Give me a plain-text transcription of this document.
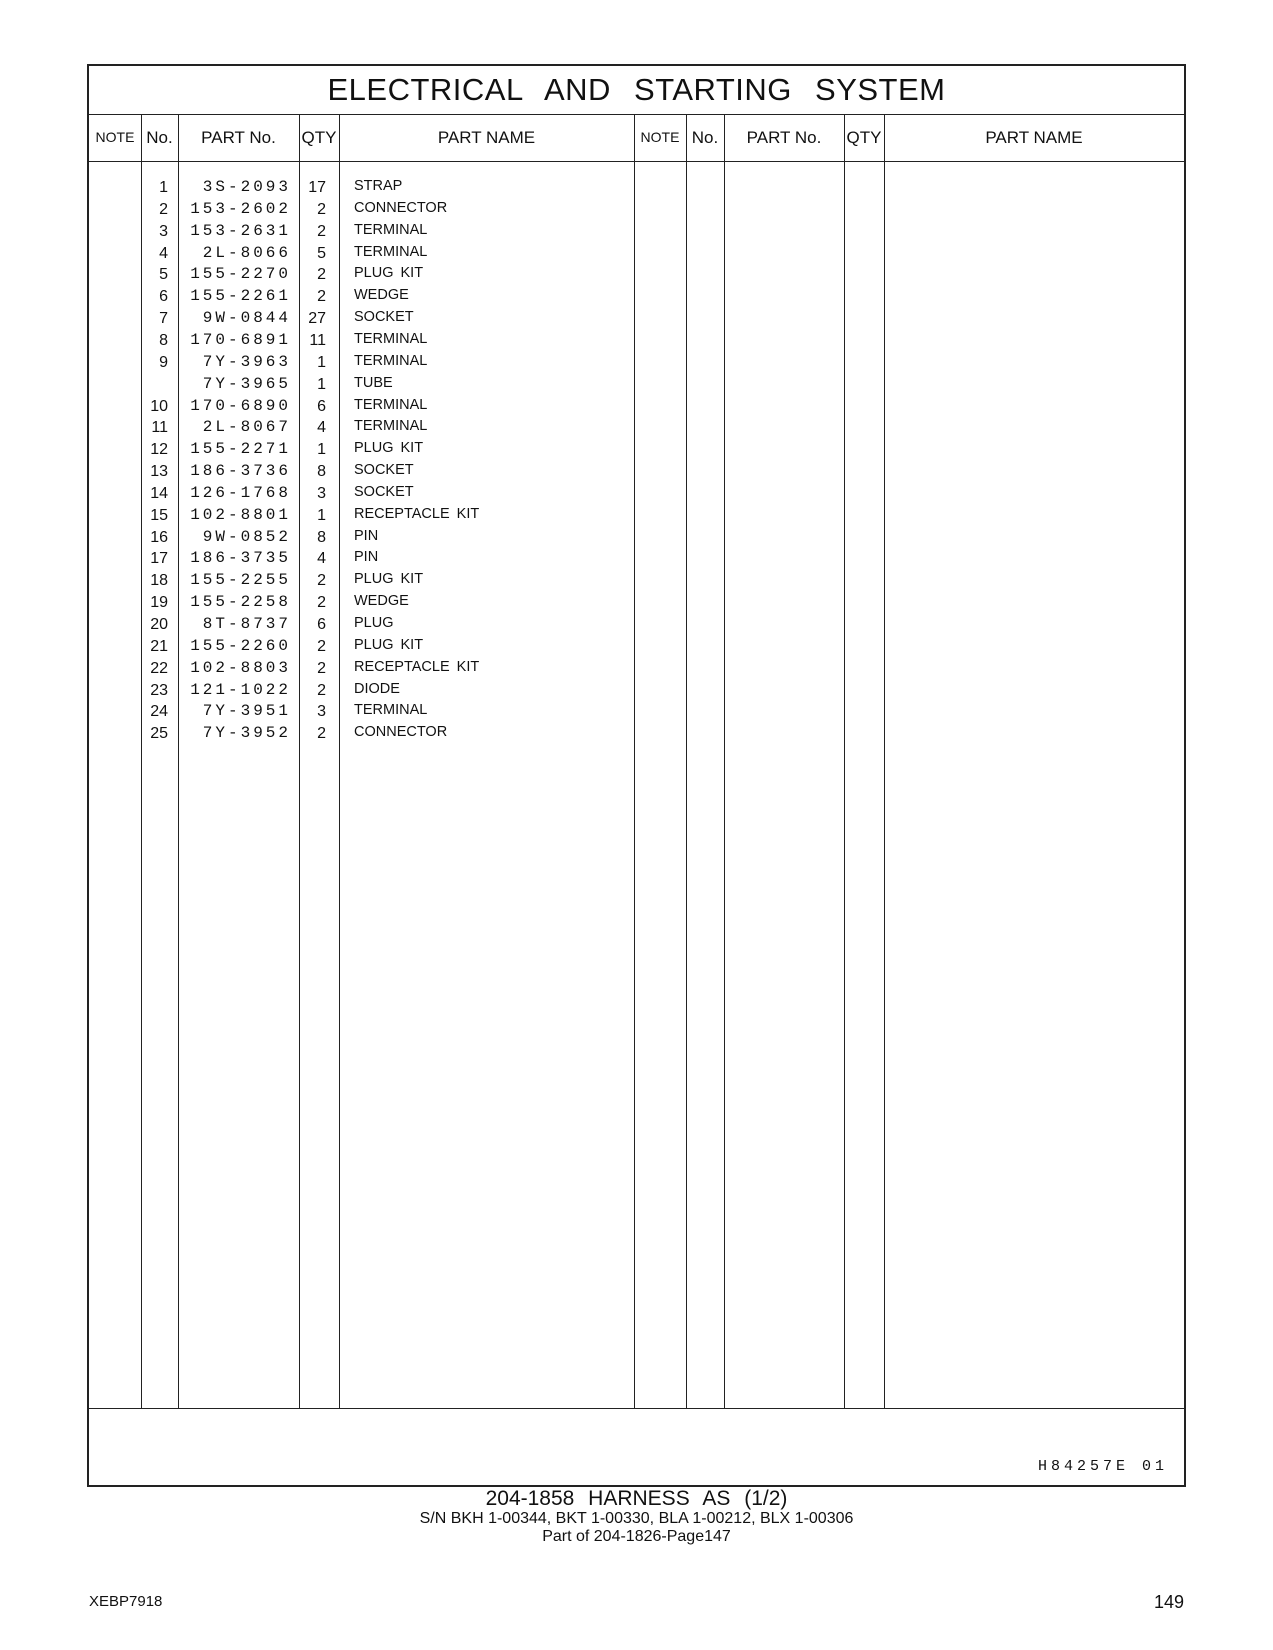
ELECTRICAL AND STARTING SYSTEM
NOTE No.	PART No.	QTY	PART NAME	NOTE No.	PART No.	QTY	PART NAME
1	3S-2093	17 STRAP
2	153-2602	2 CONNECTOR
3	153-2631	2 TERMINAL
4	2L-8066	5 TERMINAL
5	155-2270	2 PLUG KIT
6	155-2261	2 WEDGE
7	9W-0844	27 SOCKET
8	170-6891	11 TERMINAL
9	7Y-3963	1 TERMINAL
7Y-3965	1 TUBE
10	170-6890	6 TERMINAL
11	2L-8067	4 TERMINAL
12	155-2271	1 PLUG KIT
13	186-3736	8 SOCKET
14	126-1768	3 SOCKET
15	102-8801	1 RECEPTACLE KIT
16	9W-0852	8 PIN
17	186-3735	4 PIN
18	155-2255	2 PLUG KIT
19	155-2258	2 WEDGE
20	8T-8737	6 PLUG
21	155-2260	2 PLUG KIT
22	102-8803	2 RECEPTACLE KIT
23	121-1022	2 DIODE
24	7Y-3951	3 TERMINAL
25	7Y-3952	2 CONNECTOR
H84257E 01
204-1858 HARNESS AS (1/2)
S/N BKH 1-00344, BKT 1-00330, BLA 1-00212, BLX 1-00306
Part of 204-1826-Page147
XEBP7918	149
